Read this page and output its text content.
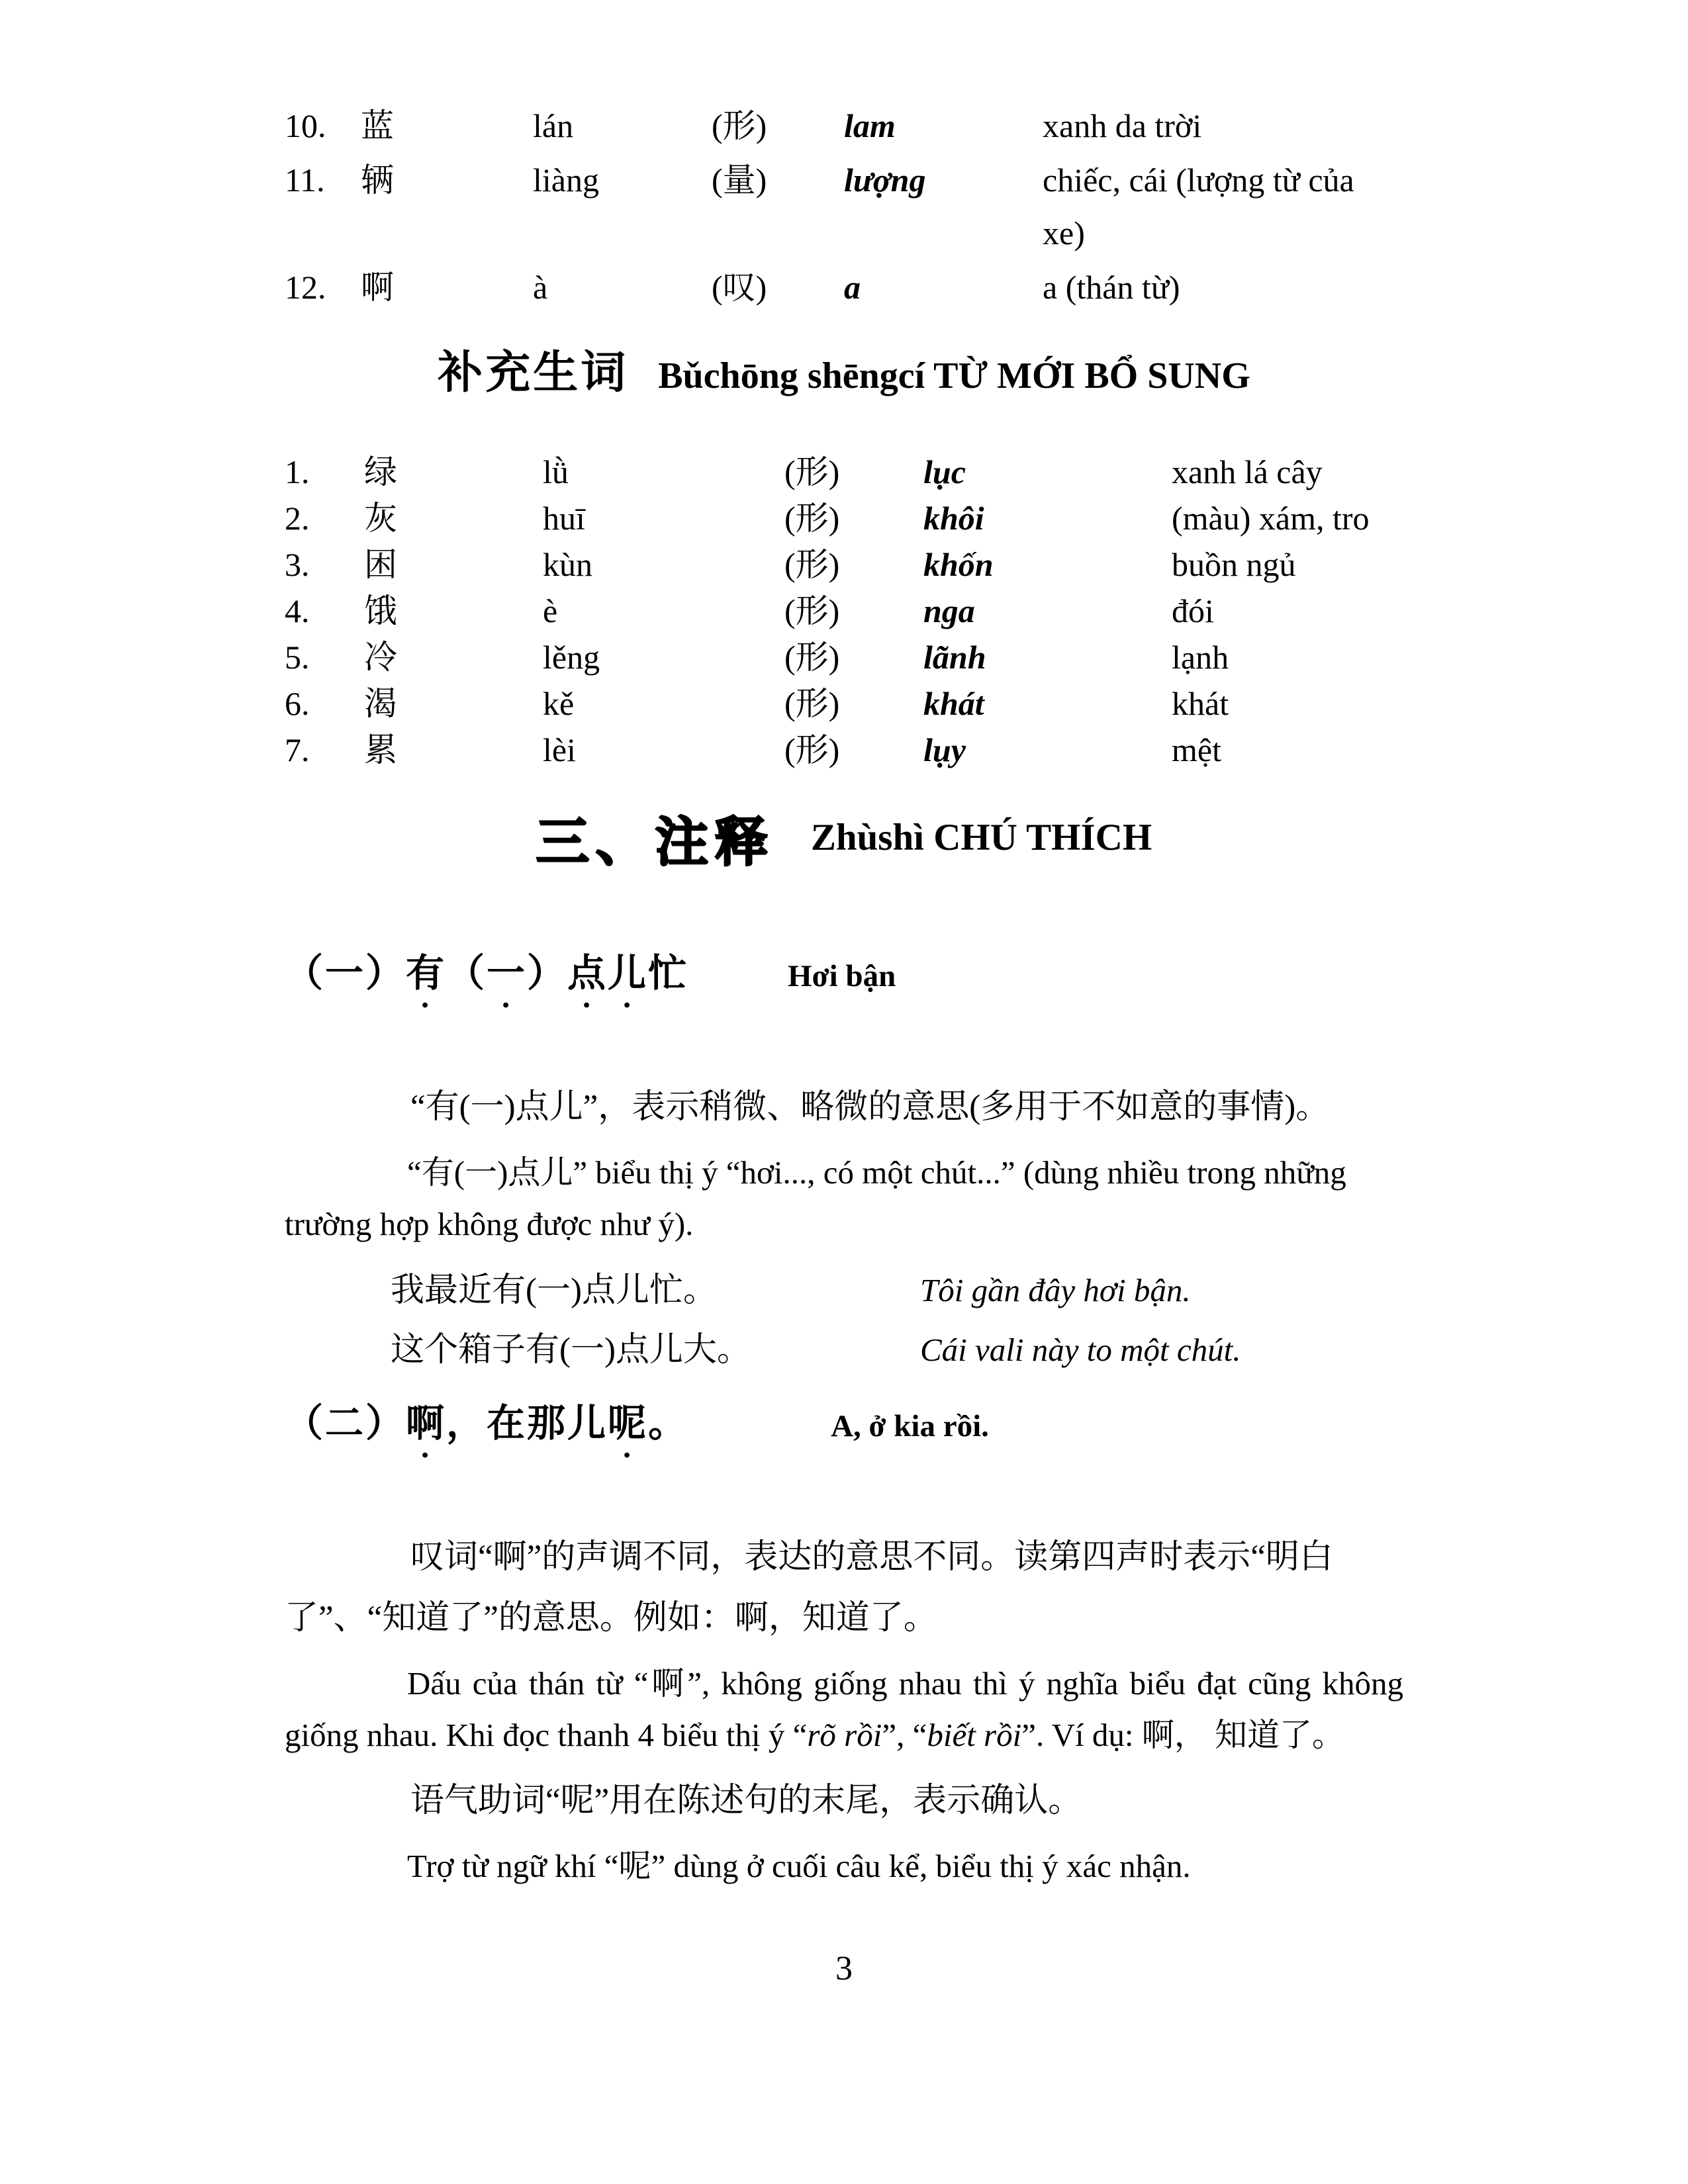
10.	蓝	lán	(形)	lam	xanh da trời
11.	辆	liàng	(量)	lượng	chiếc, cái (lượng từ của xe)
12.	啊	à	(叹)	a	a (thán từ)
补充生词 Bǔchōng shēngcí TỪ MỚI BỔ SUNG
1.	绿	lǜ	(形)	lục	xanh lá cây
2.	灰	huī	(形)	khôi	(màu) xám, tro
3.	困	kùn	(形)	khốn	buồn ngủ
4.	饿	è	(形)	nga	đói
5.	冷	lěng	(形)	lãnh	lạnh
6.	渴	kě	(形)	khát	khát
7.	累	lèi	(形)	lụy	mệt
三、注释 Zhùshì CHÚ THÍCH
（一）有（一）点儿忙	Hơi bận

“有(一)点儿”，表示稍微、略微的意思(多用于不如意的事情)。

“有(一)点儿” biểu thị ý “hơi..., có một chút...” (dùng nhiều trong những trường hợp không được như ý).

我最近有(一)点儿忙。	Tôi gần đây hơi bận.
这个箱子有(一)点儿大。	Cái vali này to một chút.
（二）啊，在那儿呢。	A, ở kia rồi.

叹词“啊”的声调不同，表达的意思不同。读第四声时表示“明白了”、“知道了”的意思。例如：啊，知道了。

Dấu của thán từ “啊”, không giống nhau thì ý nghĩa biểu đạt cũng không giống nhau. Khi đọc thanh 4 biểu thị ý “rõ rồi”, “biết rồi”. Ví dụ: 啊， 知道了。

语气助词“呢”用在陈述句的末尾，表示确认。

Trợ từ ngữ khí “呢” dùng ở cuối câu kể, biểu thị ý xác nhận.

3
